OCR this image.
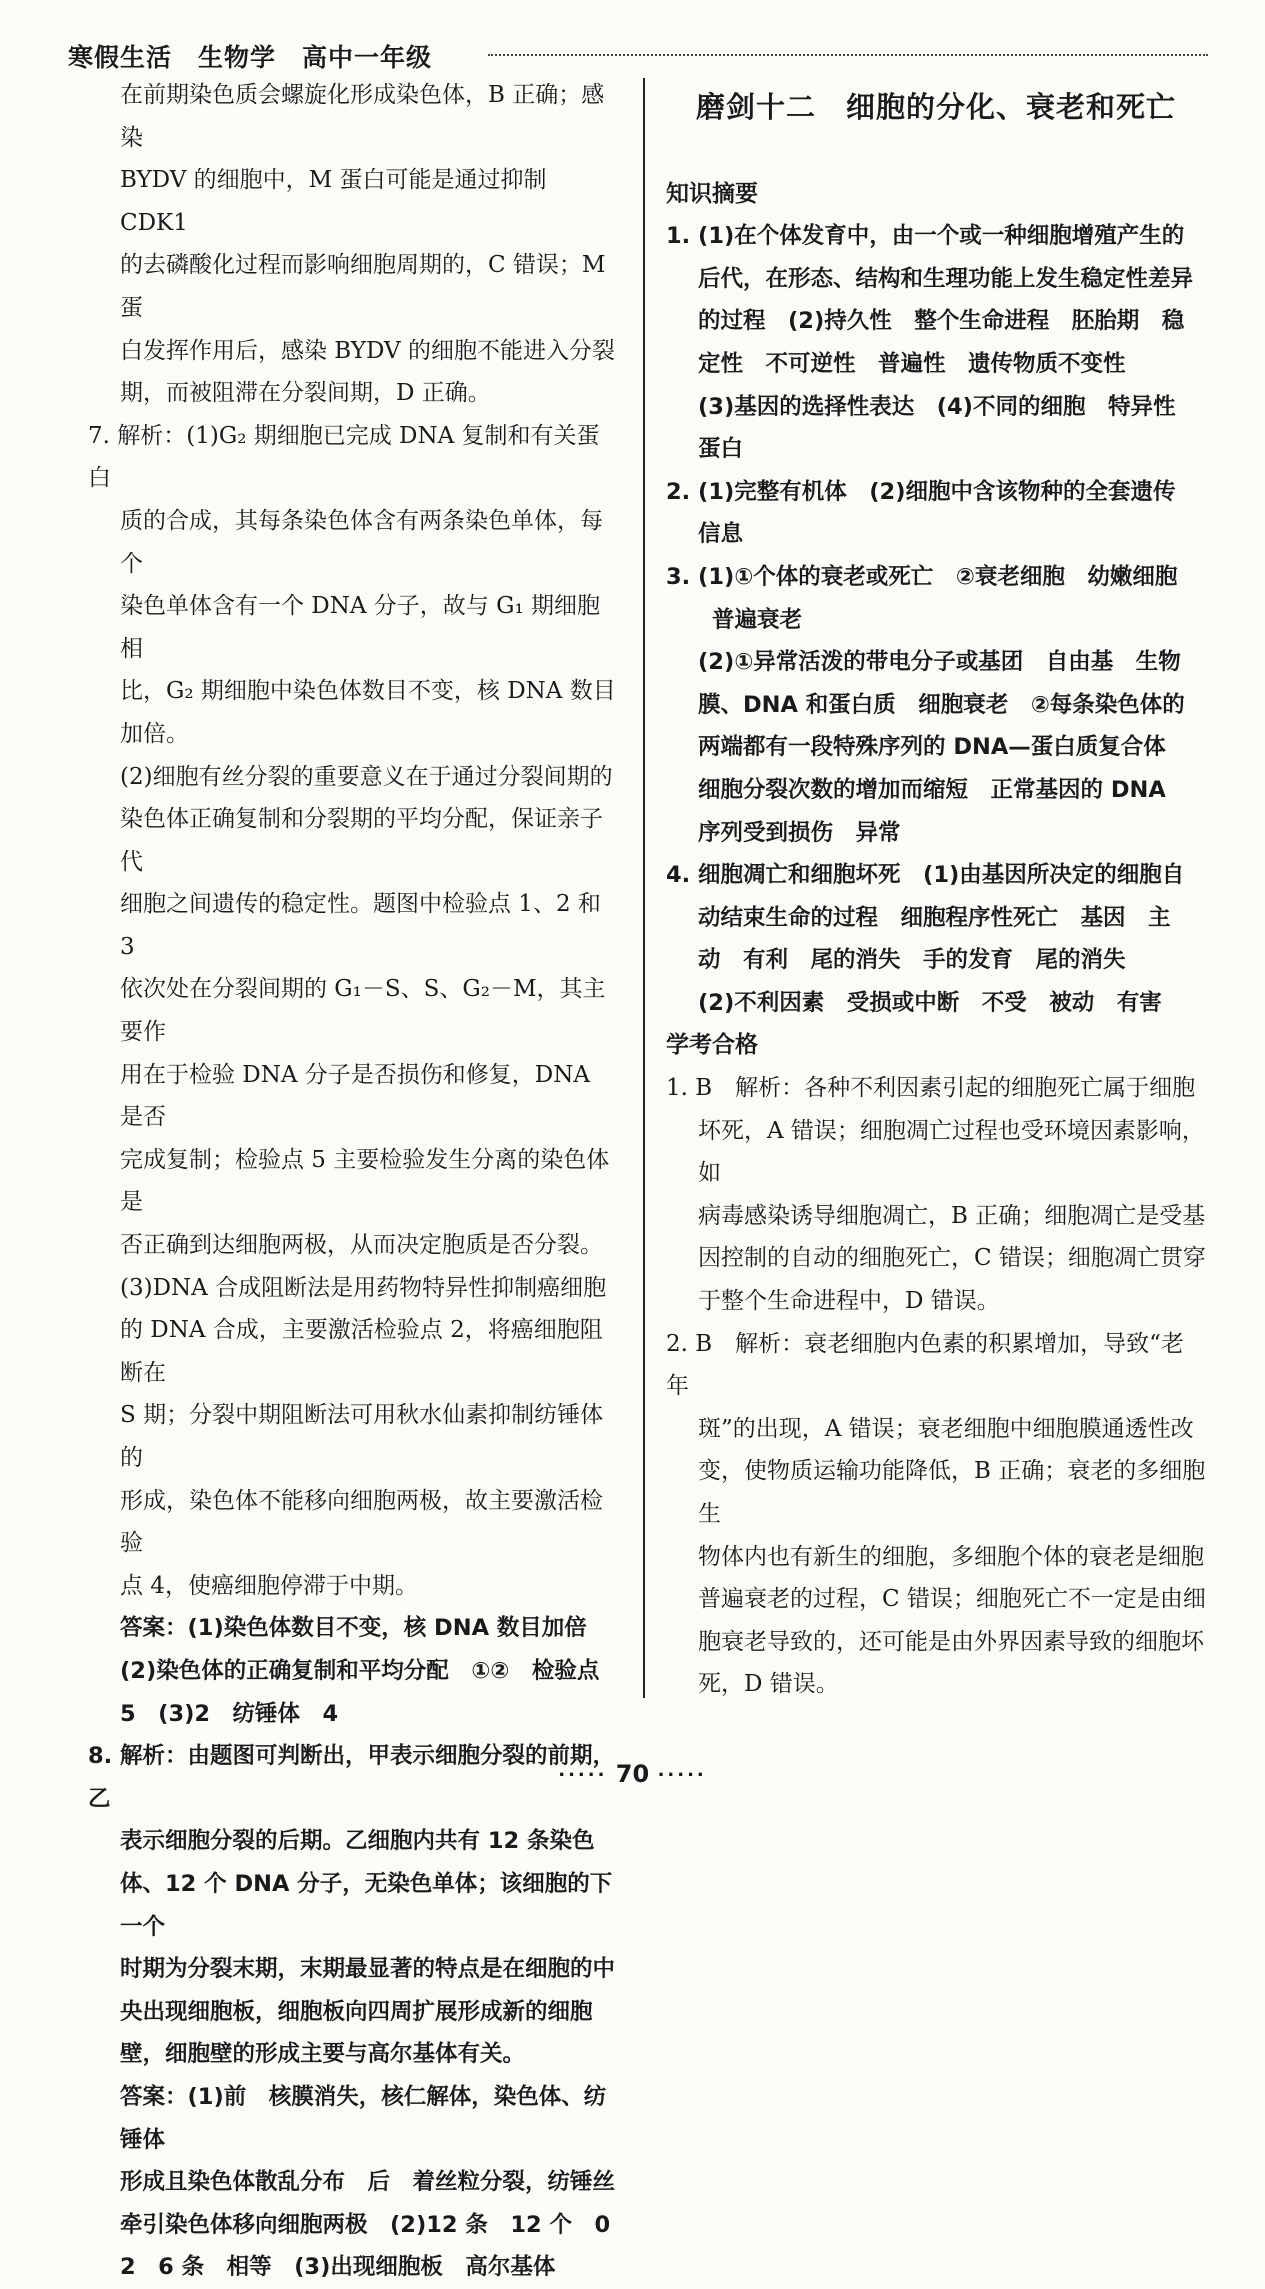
寒假生活　生物学　高中一年级

在前期染色质会螺旋化形成染色体，B 正确；感染

BYDV 的细胞中，M 蛋白可能是通过抑制 CDK1

的去磷酸化过程而影响细胞周期的，C 错误；M 蛋

白发挥作用后，感染 BYDV 的细胞不能进入分裂

期，而被阻滞在分裂间期，D 正确。

7. 解析：(1)G₂ 期细胞已完成 DNA 复制和有关蛋白

质的合成，其每条染色体含有两条染色单体，每个

染色单体含有一个 DNA 分子，故与 G₁ 期细胞相

比，G₂ 期细胞中染色体数目不变，核 DNA 数目

加倍。

(2)细胞有丝分裂的重要意义在于通过分裂间期的

染色体正确复制和分裂期的平均分配，保证亲子代

细胞之间遗传的稳定性。题图中检验点 1、2 和 3

依次处在分裂间期的 G₁－S、S、G₂－M，其主要作

用在于检验 DNA 分子是否损伤和修复，DNA 是否

完成复制；检验点 5 主要检验发生分离的染色体是

否正确到达细胞两极，从而决定胞质是否分裂。

(3)DNA 合成阻断法是用药物特异性抑制癌细胞

的 DNA 合成，主要激活检验点 2，将癌细胞阻断在

S 期；分裂中期阻断法可用秋水仙素抑制纺锤体的

形成，染色体不能移向细胞两极，故主要激活检验

点 4，使癌细胞停滞于中期。

答案：(1)染色体数目不变，核 DNA 数目加倍

(2)染色体的正确复制和平均分配　①②　检验点

5　(3)2　纺锤体　4

8. 解析：由题图可判断出，甲表示细胞分裂的前期，乙

表示细胞分裂的后期。乙细胞内共有 12 条染色

体、12 个 DNA 分子，无染色单体；该细胞的下一个

时期为分裂末期，末期最显著的特点是在细胞的中

央出现细胞板，细胞板向四周扩展形成新的细胞

壁，细胞壁的形成主要与高尔基体有关。

答案：(1)前　核膜消失，核仁解体，染色体、纺锤体

形成且染色体散乱分布　后　着丝粒分裂，纺锤丝

牵引染色体移向细胞两极　(2)12 条　12 个　0

2　6 条　相等　(3)出现细胞板　高尔基体

磨剑十二　细胞的分化、衰老和死亡

知识摘要

1. (1)在个体发育中，由一个或一种细胞增殖产生的

后代，在形态、结构和生理功能上发生稳定性差异

的过程　(2)持久性　整个生命进程　胚胎期　稳

定性　不可逆性　普遍性　遗传物质不变性

(3)基因的选择性表达　(4)不同的细胞　特异性

蛋白

2. (1)完整有机体　(2)细胞中含该物种的全套遗传

信息

3. (1)①个体的衰老或死亡　②衰老细胞　幼嫩细胞

普遍衰老

(2)①异常活泼的带电分子或基团　自由基　生物

膜、DNA 和蛋白质　细胞衰老　②每条染色体的

两端都有一段特殊序列的 DNA—蛋白质复合体

细胞分裂次数的增加而缩短　正常基因的 DNA

序列受到损伤　异常

4. 细胞凋亡和细胞坏死　(1)由基因所决定的细胞自

动结束生命的过程　细胞程序性死亡　基因　主

动　有利　尾的消失　手的发育　尾的消失

(2)不利因素　受损或中断　不受　被动　有害

学考合格

1. B　解析：各种不利因素引起的细胞死亡属于细胞

坏死，A 错误；细胞凋亡过程也受环境因素影响，如

病毒感染诱导细胞凋亡，B 正确；细胞凋亡是受基

因控制的自动的细胞死亡，C 错误；细胞凋亡贯穿

于整个生命进程中，D 错误。

2. B　解析：衰老细胞内色素的积累增加，导致“老年

斑”的出现，A 错误；衰老细胞中细胞膜通透性改

变，使物质运输功能降低，B 正确；衰老的多细胞生

物体内也有新生的细胞，多细胞个体的衰老是细胞

普遍衰老的过程，C 错误；细胞死亡不一定是由细

胞衰老导致的，还可能是由外界因素导致的细胞坏

死，D 错误。

····· 70 ·····
